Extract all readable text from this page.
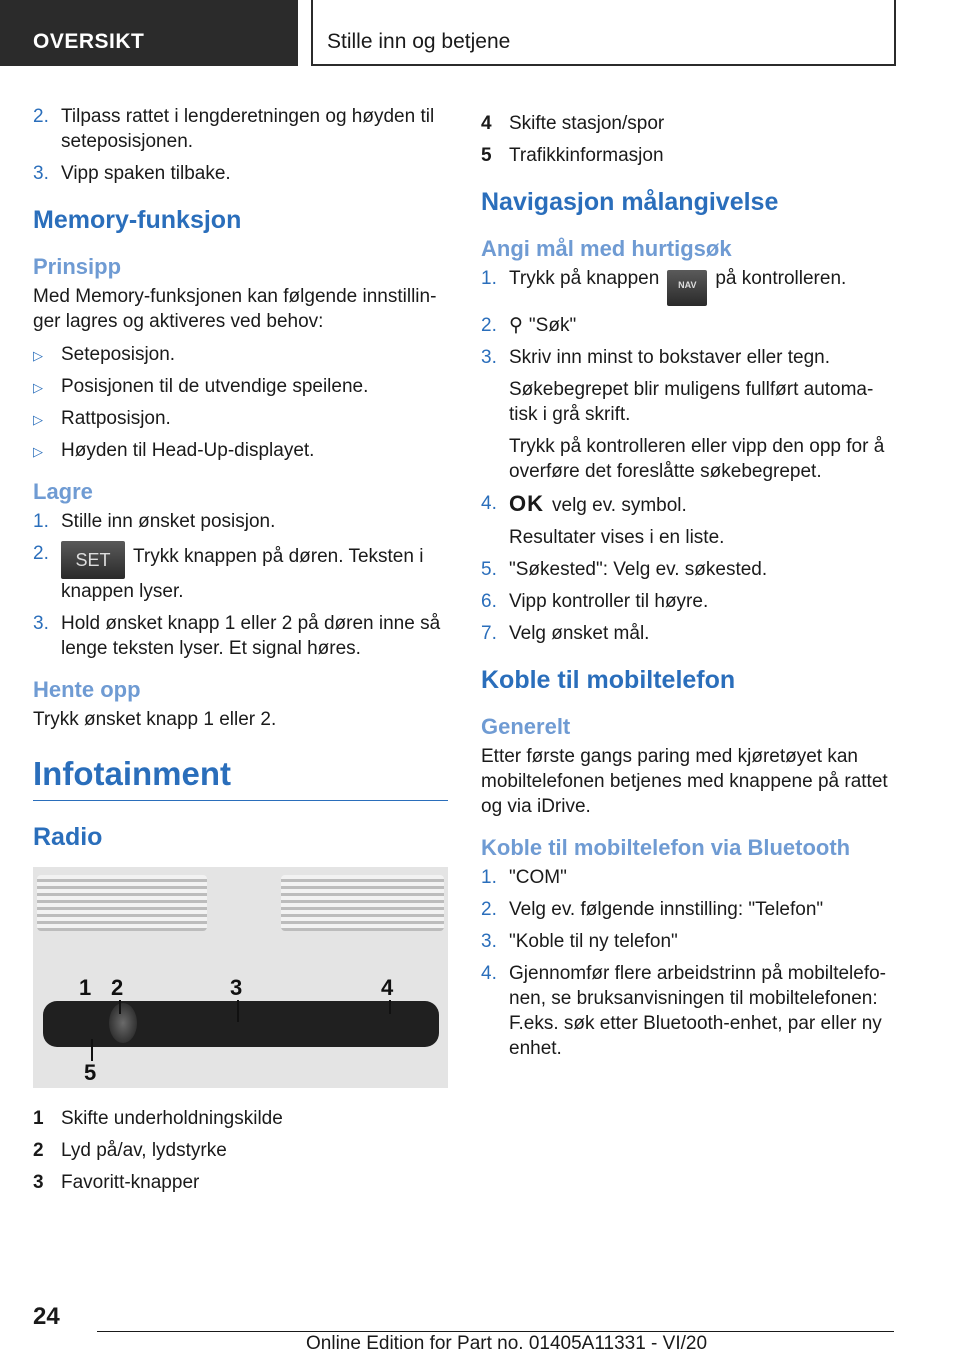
OVERSIKT	Stille inn og betjene
2. Tilpass rattet i lengderetningen og høyden til seteposisjonen.
3. Vipp spaken tilbake.
Memory-funksjon
Prinsipp

Med Memory-funksjonen kan følgende innstillin-ger lagres og aktiveres ved behov:

▷ Seteposisjon.
▷ Posisjonen til de utvendige speilene.
▷ Rattposisjon.
▷ Høyden til Head-Up-displayet.
Lagre
1. Stille inn ønsket posisjon.
2. SET Trykk knappen på døren. Teksten i knappen lyser.
3. Hold ønsket knapp 1 eller 2 på døren inne så lenge teksten lyser. Et signal høres.
Hente opp

Trykk ønsket knapp 1 eller 2.

Infotainment
Radio
1 2	3	4
5
1 Skifte underholdningskilde
2 Lyd på/av, lydstyrke
3 Favoritt-knapper
4 Skifte stasjon/spor
5 Trafikkinformasjon
Navigasjon målangivelse
Angi mål med hurtigsøk
1. Trykk på knappen NAV på kontrolleren.
2. ⚲ "Søk"
3. Skriv inn minst to bokstaver eller tegn.
Søkebegrepet blir muligens fullført automa-tisk i grå skrift.
Trykk på kontrolleren eller vipp den opp for å overføre det foreslåtte søkebegrepet.
4. OK velg ev. symbol.
Resultater vises i en liste.
5. "Søkested": Velg ev. søkested.
6. Vipp kontroller til høyre.
7. Velg ønsket mål.
Koble til mobiltelefon
Generelt

Etter første gangs paring med kjøretøyet kan mobiltelefonen betjenes med knappene på rattet og via iDrive.

Koble til mobiltelefon via Bluetooth
1. "COM"
2. Velg ev. følgende innstilling: "Telefon"
3. "Koble til ny telefon"
4. Gjennomfør flere arbeidstrinn på mobiltelefo-nen, se bruksanvisningen til mobiltelefonen: F.eks. søk etter Bluetooth-enhet, par eller ny enhet.
24
Online Edition for Part no. 01405A11331 - VI/20
